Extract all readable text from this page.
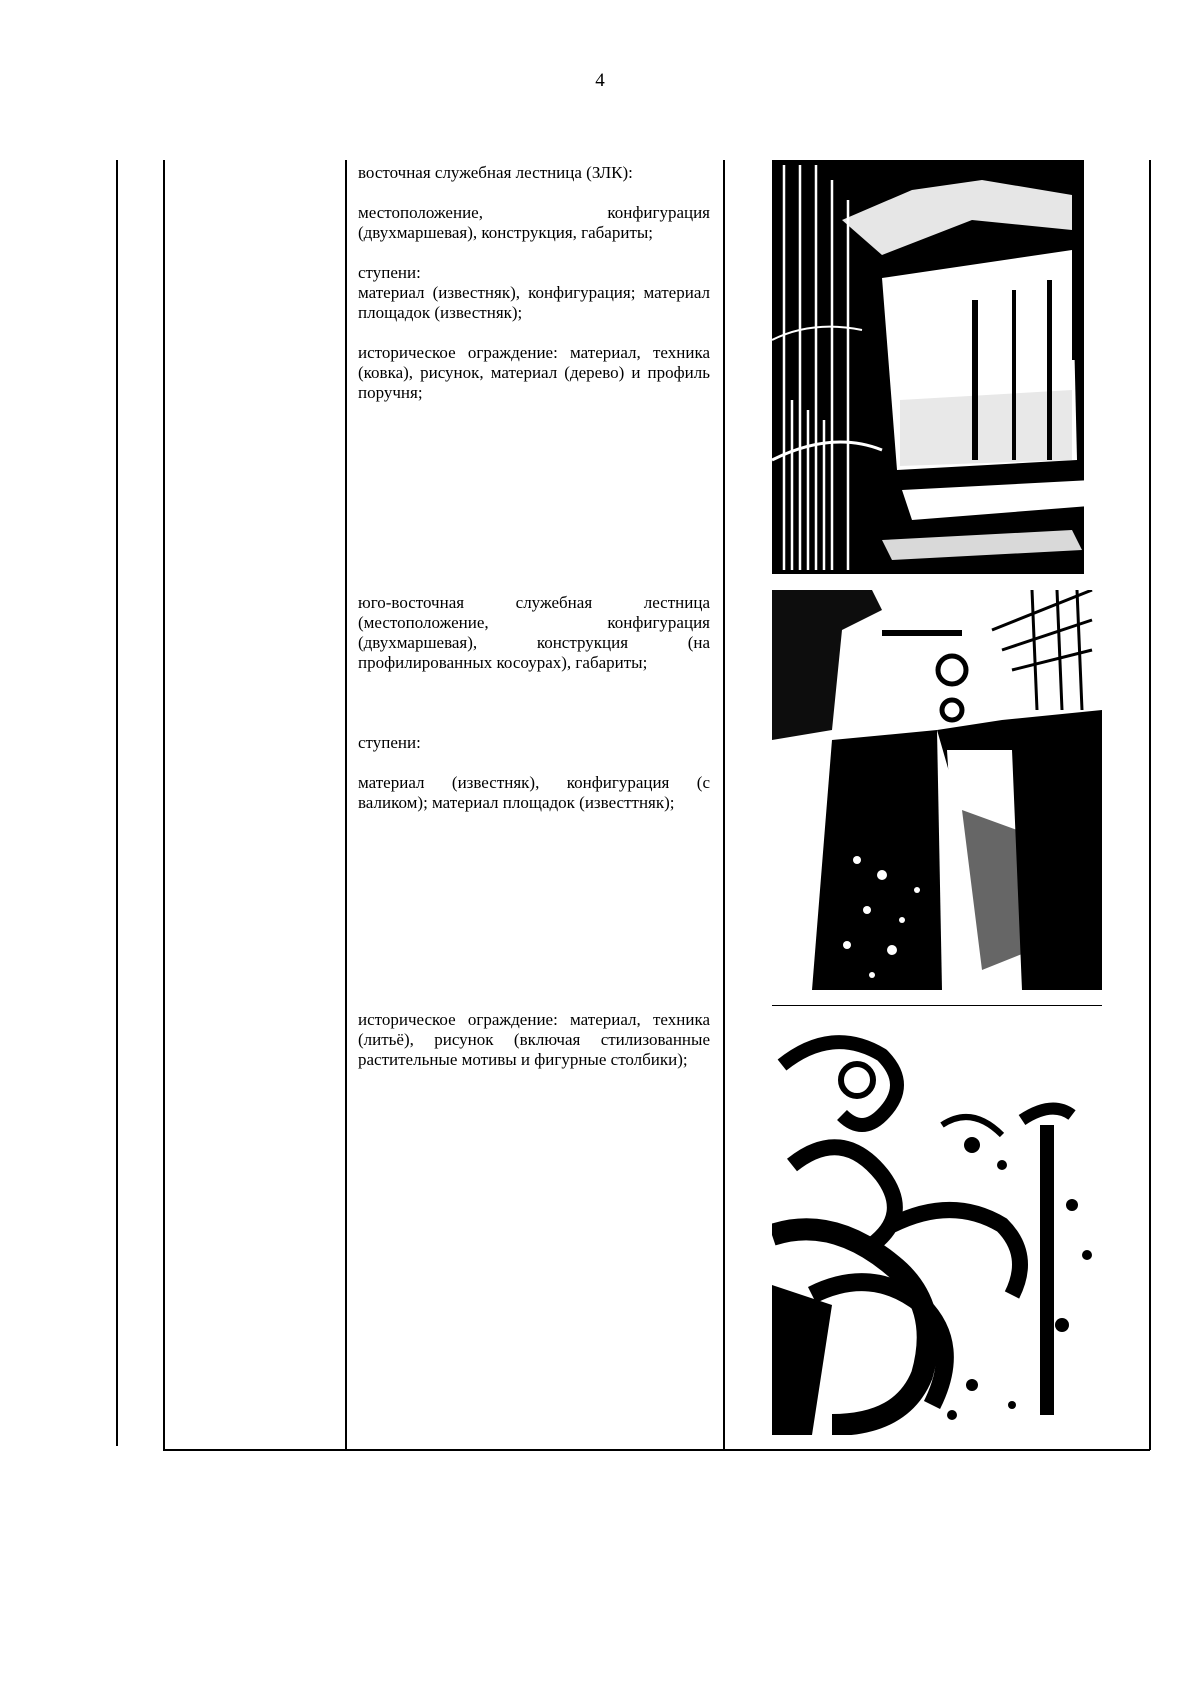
4

восточная служебная лестница (ЗЛК):

местоположение, конфигурация (двухмаршевая), конструкция, габариты;

ступени:

материал (известняк), конфигурация; материал площадок (известняк);

историческое ограждение: материал, техника (ковка), рисунок, материал (дерево) и профиль поручня;

юго-восточная служебная лестница (местоположение, конфигурация (двухмаршевая), конструкция (на профилированных косоурах), габариты;

ступени:

материал (известняк), конфигурация (с валиком); материал площадок (известтняк);

историческое ограждение: материал, техника (литьё), рисунок (включая стилизованные растительные мотивы и фигурные столбики);
